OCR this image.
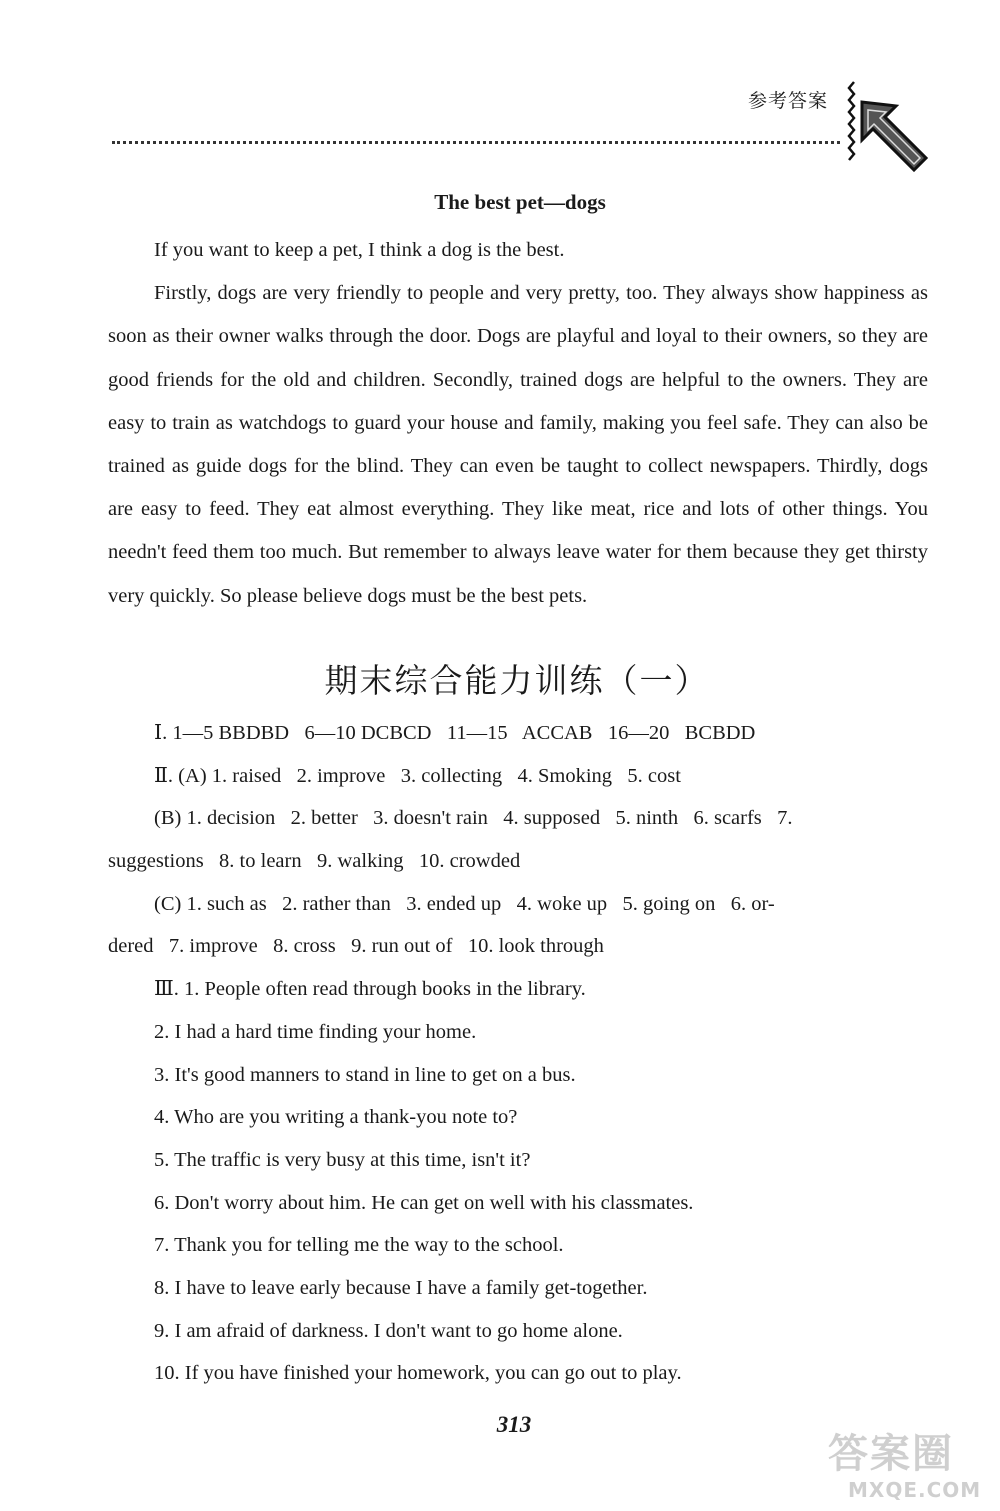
参考答案
The best pet—dogs

If you want to keep a pet, I think a dog is the best.

Firstly, dogs are very friendly to people and very pretty, too. They always show happiness as soon as their owner walks through the door. Dogs are playful and loyal to their owners, so they are good friends for the old and children. Secondly, trained dogs are helpful to the owners. They are easy to train as watchdogs to guard your house and family, making you feel safe. They can also be trained as guide dogs for the blind. They can even be taught to collect newspapers. Thirdly, dogs are easy to feed. They eat almost everything. They like meat, rice and lots of other things. You needn't feed them too much. But remember to always leave water for them because they get thirsty very quickly. So please believe dogs must be the best pets.

期末综合能力训练（一）

Ⅰ. 1—5 BBDBD   6—10 DCBCD   11—15   ACCAB   16—20   BCBDD

Ⅱ. (A) 1. raised   2. improve   3. collecting   4. Smoking   5. cost

(B) 1. decision   2. better   3. doesn't rain   4. supposed   5. ninth   6. scarfs   7.

suggestions   8. to learn   9. walking   10. crowded

(C) 1. such as   2. rather than   3. ended up   4. woke up   5. going on   6. or-

dered   7. improve   8. cross   9. run out of   10. look through

Ⅲ. 1. People often read through books in the library.

2. I had a hard time finding your home.

3. It's good manners to stand in line to get on a bus.

4. Who are you writing a thank-you note to?

5. The traffic is very busy at this time, isn't it?

6. Don't worry about him. He can get on well with his classmates.

7. Thank you for telling me the way to the school.

8. I have to leave early because I have a family get-together.

9. I am afraid of darkness. I don't want to go home alone.

10. If you have finished your homework, you can go out to play.

313
答案圈
MXQE.COM
